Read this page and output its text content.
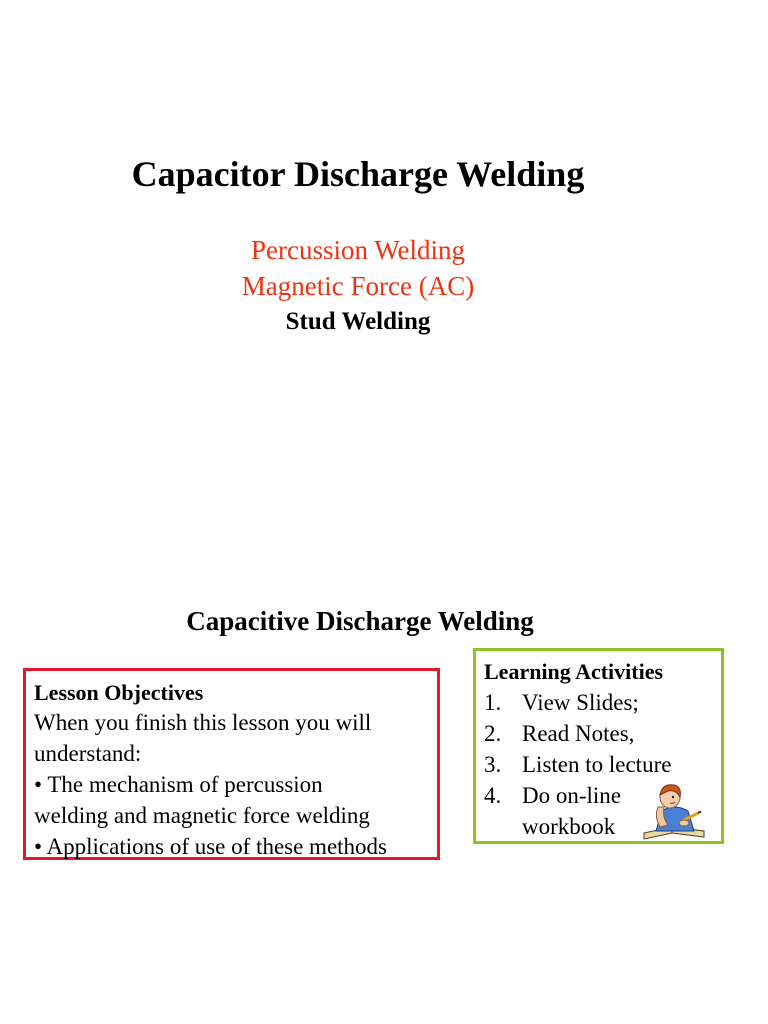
Capacitor Discharge Welding
Percussion Welding
Magnetic Force (AC)
Stud Welding
Capacitive Discharge Welding
Lesson Objectives
When you finish this lesson you will
understand:
• The mechanism of percussion
welding and magnetic force welding
• Applications of use of these methods
Learning Activities
1. View Slides;
2. Read Notes,
3. Listen to lecture
4. Do on-line
workbook
